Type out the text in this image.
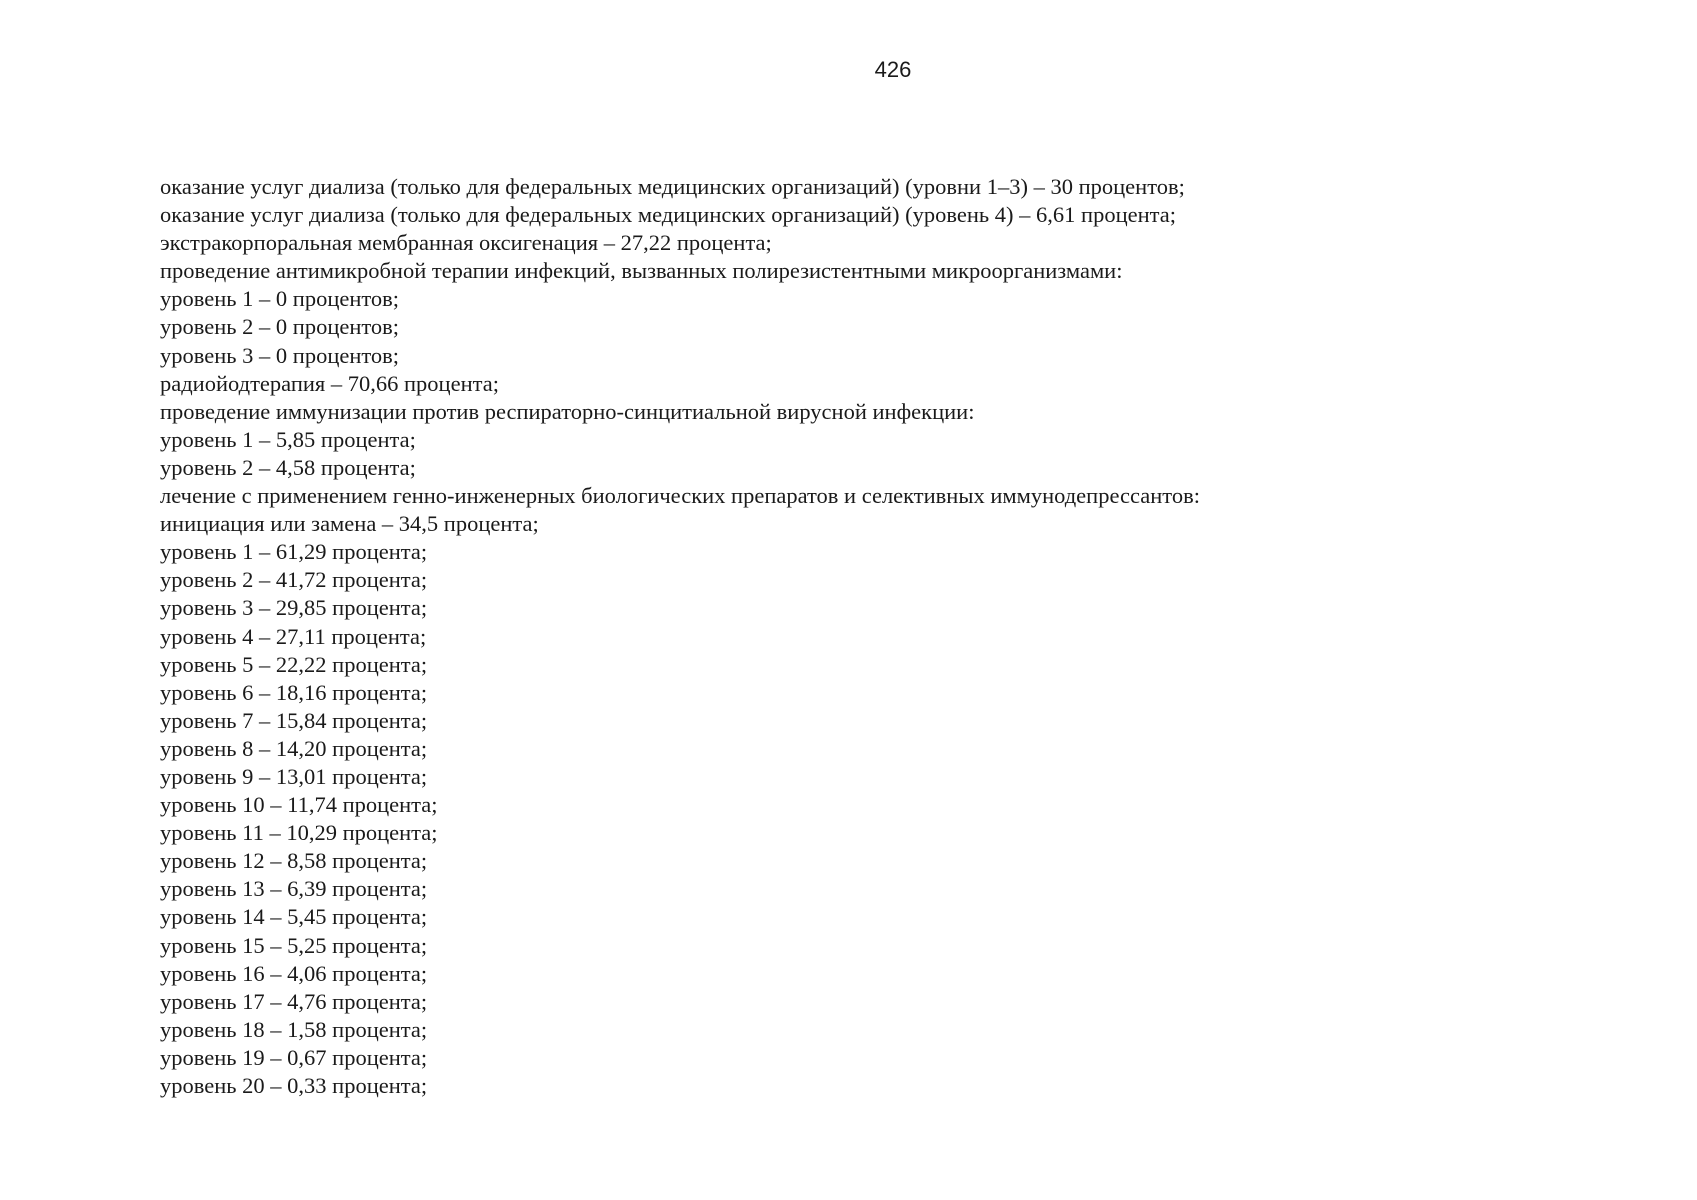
426
оказание услуг диализа (только для федеральных медицинских организаций) (уровни 1–3) – 30 процентов;
оказание услуг диализа (только для федеральных медицинских организаций) (уровень 4) – 6,61 процента;
экстракорпоральная мембранная оксигенация – 27,22 процента;
проведение антимикробной терапии инфекций, вызванных полирезистентными микроорганизмами:
уровень 1 – 0 процентов;
уровень 2 – 0 процентов;
уровень 3 – 0 процентов;
радиойодтерапия – 70,66 процента;
проведение иммунизации против респираторно-синцитиальной вирусной инфекции:
уровень 1 – 5,85 процента;
уровень 2 – 4,58 процента;
лечение с применением генно-инженерных биологических препаратов и селективных иммунодепрессантов:
инициация или замена – 34,5 процента;
уровень 1 – 61,29 процента;
уровень 2 – 41,72 процента;
уровень 3 – 29,85 процента;
уровень 4 – 27,11 процента;
уровень 5 – 22,22 процента;
уровень 6 – 18,16 процента;
уровень 7 – 15,84 процента;
уровень 8 – 14,20 процента;
уровень 9 – 13,01 процента;
уровень 10 – 11,74 процента;
уровень 11 – 10,29 процента;
уровень 12 – 8,58 процента;
уровень 13 – 6,39 процента;
уровень 14 – 5,45 процента;
уровень 15 – 5,25 процента;
уровень 16 – 4,06 процента;
уровень 17 – 4,76 процента;
уровень 18 – 1,58 процента;
уровень 19 – 0,67 процента;
уровень 20 – 0,33 процента;
